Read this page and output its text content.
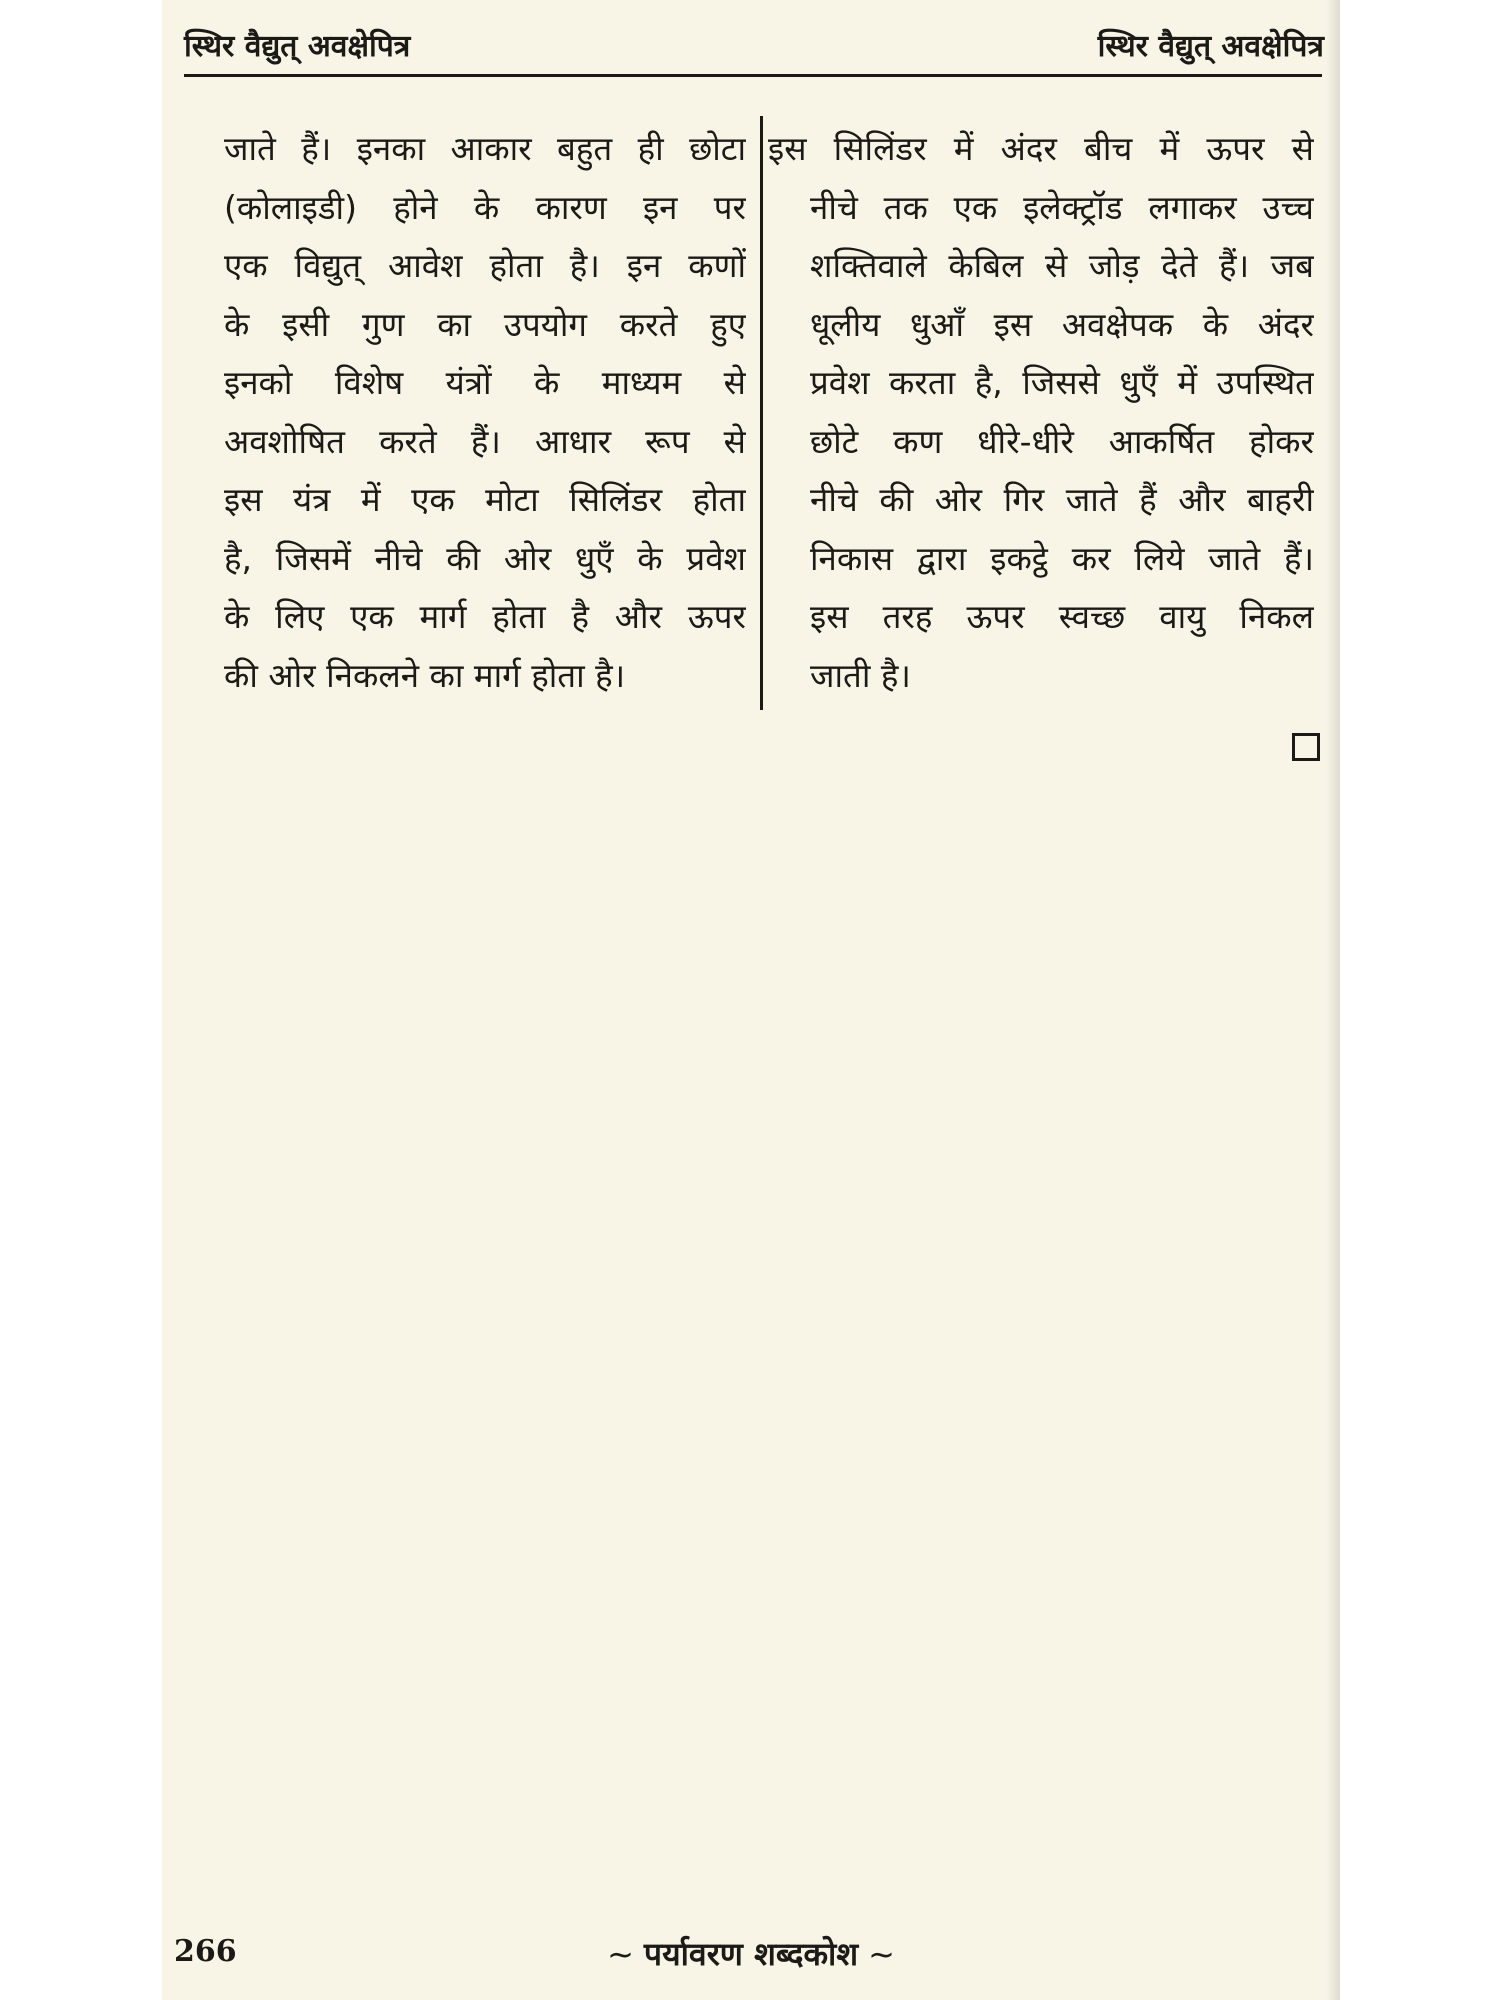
स्थिर वैद्युत् अवक्षेपित्र	स्थिर वैद्युत् अवक्षेपित्र
जाते हैं। इनका आकार बहुत ही छोटा
(कोलाइडी) होने के कारण इन पर
एक विद्युत् आवेश होता है। इन कणों
के इसी गुण का उपयोग करते हुए
इनको विशेष यंत्रों के माध्यम से
अवशोषित करते हैं। आधार रूप से
इस यंत्र में एक मोटा सिलिंडर होता
है, जिसमें नीचे की ओर धुएँ के प्रवेश
के लिए एक मार्ग होता है और ऊपर
की ओर निकलने का मार्ग होता है।
इस सिलिंडर में अंदर बीच में ऊपर से
नीचे तक एक इलेक्ट्रॉड लगाकर उच्च
शक्तिवाले केबिल से जोड़ देते हैं। जब
धूलीय धुआँ इस अवक्षेपक के अंदर
प्रवेश करता है, जिससे धुएँ में उपस्थित
छोटे कण धीरे-धीरे आकर्षित होकर
नीचे की ओर गिर जाते हैं और बाहरी
निकास द्वारा इकट्ठे कर लिये जाते हैं।
इस तरह ऊपर स्वच्छ वायु निकल
जाती है।
266	~ पर्यावरण शब्दकोश ~
